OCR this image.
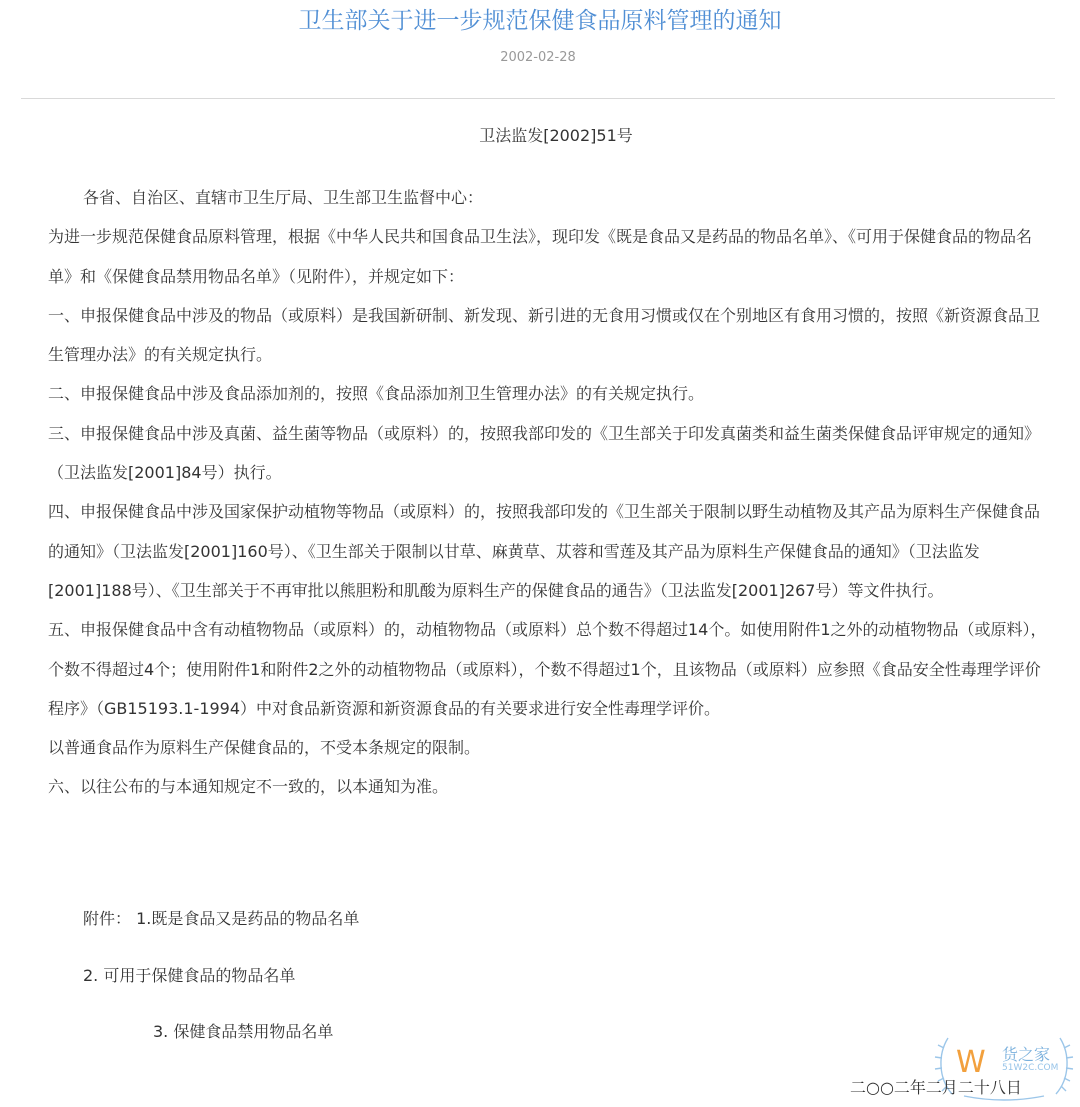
卫生部关于进一步规范保健食品原料管理的通知
2002-02-28
卫法监发[2002]51号

各省、自治区、直辖市卫生厅局、卫生部卫生监督中心：

为进一步规范保健食品原料管理，根据《中华人民共和国食品卫生法》，现印发《既是食品又是药品的物品名单》、《可用于保健食品的物品名单》和《保健食品禁用物品名单》（见附件），并规定如下：

一、申报保健食品中涉及的物品（或原料）是我国新研制、新发现、新引进的无食用习惯或仅在个别地区有食用习惯的，按照《新资源食品卫生管理办法》的有关规定执行。

二、申报保健食品中涉及食品添加剂的，按照《食品添加剂卫生管理办法》的有关规定执行。

三、申报保健食品中涉及真菌、益生菌等物品（或原料）的，按照我部印发的《卫生部关于印发真菌类和益生菌类保健食品评审规定的通知》（卫法监发[2001]84号）执行。

四、申报保健食品中涉及国家保护动植物等物品（或原料）的，按照我部印发的《卫生部关于限制以野生动植物及其产品为原料生产保健食品的通知》（卫法监发[2001]160号）、《卫生部关于限制以甘草、麻黄草、苁蓉和雪莲及其产品为原料生产保健食品的通知》（卫法监发[2001]188号）、《卫生部关于不再审批以熊胆粉和肌酸为原料生产的保健食品的通告》（卫法监发[2001]267号）等文件执行。

五、申报保健食品中含有动植物物品（或原料）的，动植物物品（或原料）总个数不得超过14个。如使用附件1之外的动植物物品（或原料），个数不得超过4个；使用附件1和附件2之外的动植物物品（或原料），个数不得超过1个，且该物品（或原料）应参照《食品安全性毒理学评价程序》（GB15193.1-1994）中对食品新资源和新资源食品的有关要求进行安全性毒理学评价。

以普通食品作为原料生产保健食品的，不受本条规定的限制。

六、以往公布的与本通知规定不一致的，以本通知为准。

附件： 1.既是食品又是药品的物品名单
2. 可用于保健食品的物品名单
3. 保健食品禁用物品名单
W 货之家
51W2C.COM
二○○二年二月二十八日
